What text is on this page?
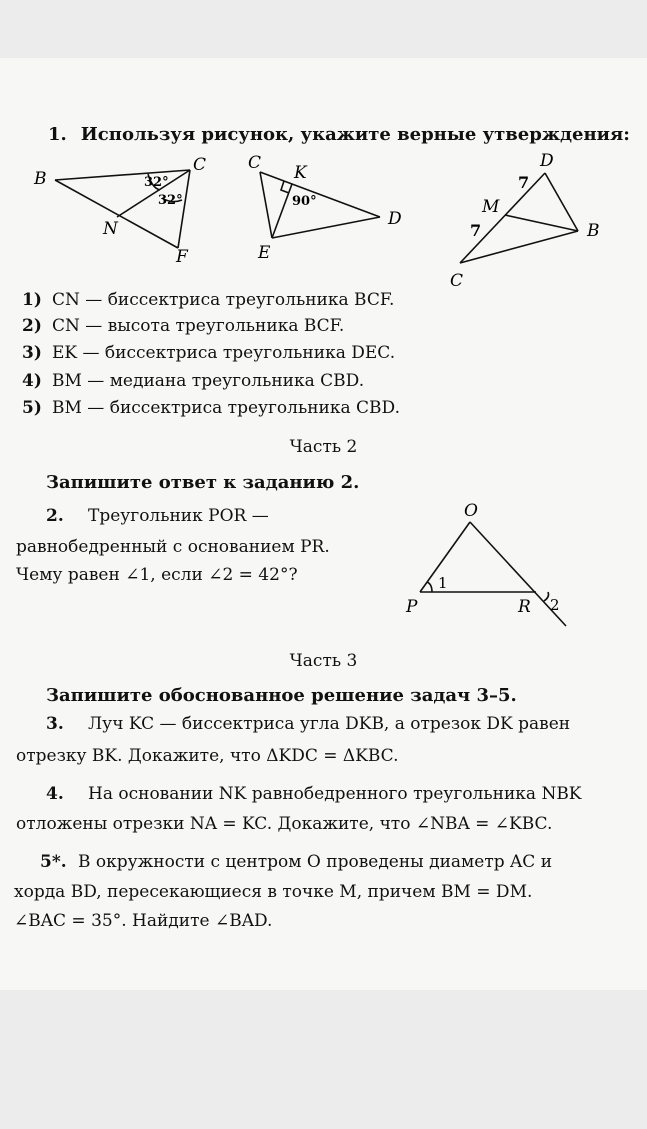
1. Используя рисунок, укажите верные утверждения:
B
C
N
F
32°
32°
C K
D
E
90°
D
M
B
C
7
7
1) CN — биссектриса треугольника BCF.
2) CN — высота треугольника BCF.
3) EK — биссектриса треугольника DEC.
4) BM — медиана треугольника CBD.
5) BM — биссектриса треугольника CBD.
Часть 2
Запишите ответ к заданию 2.
2. Треугольник POR —
равнобедренный с основанием PR.
Чему равен ∠1, если ∠2 = 42°?
O
P	R
1
2
Часть 3
Запишите обоснованное решение задач 3–5.
3. Луч KC — биссектриса угла DKB, а отрезок DK равен
отрезку BK. Докажите, что ΔKDC = ΔKBC.
4. На основании NK равнобедренного треугольника NBK
отложены отрезки NA = KC. Докажите, что ∠NBA = ∠KBC.
5*. В окружности с центром O проведены диаметр AC и
хорда BD, пересекающиеся в точке M, причем BM = DM.
∠BAC = 35°. Найдите ∠BAD.
